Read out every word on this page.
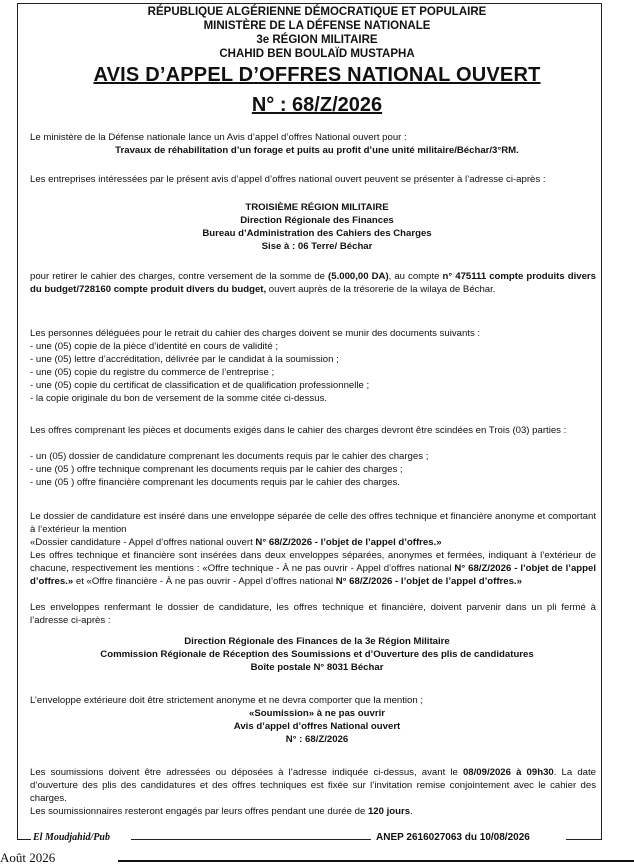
RÉPUBLIQUE ALGÉRIENNE DÉMOCRATIQUE ET POPULAIRE
MINISTÈRE DE LA DÉFENSE NATIONALE
3e RÉGION MILITAIRE
CHAHID BEN BOULAÏD MUSTAPHA
AVIS D’APPEL D’OFFRES NATIONAL OUVERT
N° : 68/Z/2026
Le ministère de la Défense nationale lance un Avis d’appel d’offres National ouvert pour :
Travaux de réhabilitation d’un forage et puits au profit d’une unité militaire/Béchar/3°RM.
Les entreprises intéressées par le présent avis d’appel d’offres national ouvert peuvent se présenter à l’adresse ci-après :
TROISIÈME RÉGION MILITAIRE
Direction Régionale des Finances
Bureau d’Administration des Cahiers des Charges
Sise à : 06 Terre/ Béchar
pour retirer le cahier des charges, contre versement de la somme de (5.000,00 DA), au compte n° 475111 compte produits divers du budget/728160 compte produit divers du budget, ouvert auprès de la trésorerie de la wilaya de Béchar.
Les personnes déléguées pour le retrait du cahier des charges doivent se munir des documents suivants :
- une (05) copie de la pièce d’identité en cours de validité ;
- une (05) lettre d’accréditation, délivrée par le candidat à la soumission ;
- une (05) copie du registre du commerce de l’entreprise ;
- une (05) copie du certificat de classification et de qualification professionnelle ;
- la copie originale du bon de versement de la somme citée ci-dessus.
Les offres comprenant les pièces et documents exigés dans le cahier des charges devront être scindées en Trois (03) parties :
- un (05) dossier de candidature comprenant les documents requis par le cahier des charges ;
- une (05 ) offre technique comprenant les documents requis par le cahier des charges ;
- une (05 ) offre financière comprenant les documents requis par le cahier des charges.
Le dossier de candidature est inséré dans une enveloppe séparée de celle des offres technique et financière anonyme et comportant à l’extérieur la mention
«Dossier candidature - Appel d’offres national ouvert N° 68/Z/2026 - l’objet de l’appel d’offres.»
Les offres technique et financière sont insérées dans deux enveloppes séparées, anonymes et fermées, indiquant à l’extérieur de chacune, respectivement les mentions : «Offre technique - À ne pas ouvrir - Appel d’offres national N° 68/Z/2026 - l’objet de l’appel d’offres.» et «Offre financière - À ne pas ouvrir - Appel d’offres national N° 68/Z/2026 - l’objet de l’appel d’offres.»
Les enveloppes renfermant le dossier de candidature, les offres technique et financière, doivent parvenir dans un pli fermé à l’adresse ci-après :
Direction Régionale des Finances de la 3e Région Militaire
Commission Régionale de Réception des Soumissions et d’Ouverture des plis de candidatures
Boîte postale N° 8031 Béchar
L’enveloppe extérieure doit être strictement anonyme et ne devra comporter que la mention ;
«Soumission» à ne pas ouvrir
Avis d’appel d’offres National ouvert
N° : 68/Z/2026
Les soumissions doivent être adressées ou déposées à l’adresse indiquée ci-dessus, avant le 08/09/2026 à 09h30. La date d’ouverture des plis des candidatures et des offres techniques est fixée sur l’invitation remise conjointement avec le cahier des charges.
Les soumissionnaires resteront engagés par leurs offres pendant une durée de 120 jours.
El Moudjahid/Pub	ANEP 2616027063 du 10/08/2026
Août 2026
